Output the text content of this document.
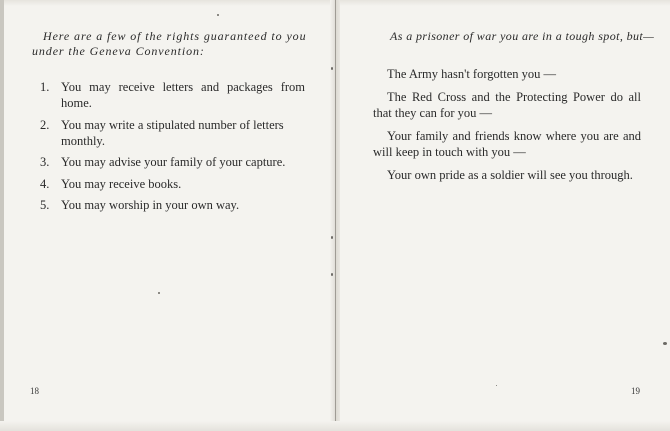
Here are a few of the rights guaranteed to you under the Geneva Convention:

1. You may receive letters and packages from home.
2. You may write a stipulated number of letters monthly.
3. You may advise your family of your capture.
4. You may receive books.
5. You may worship in your own way.
18

As a prisoner of war you are in a tough spot, but—

The Army hasn't forgotten you —

The Red Cross and the Protecting Power do all that they can for you —

Your family and friends know where you are and will keep in touch with you —

Your own pride as a soldier will see you through.

19
